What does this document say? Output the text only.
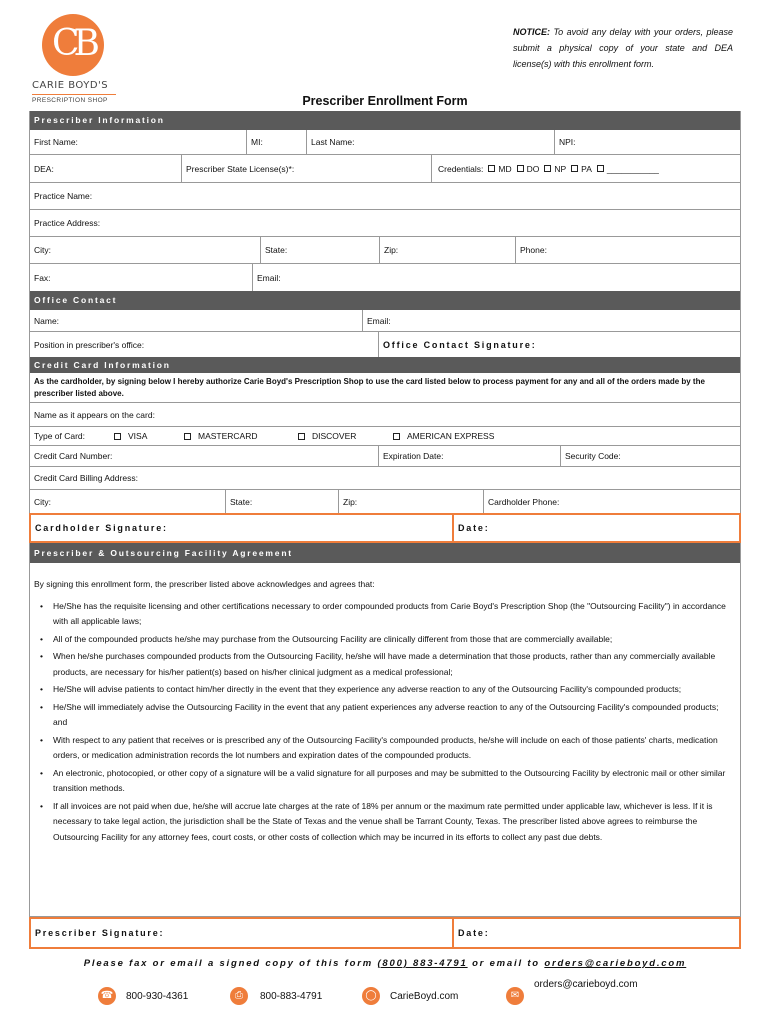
CB
CARIE BOYD'S
PRESCRIPTION SHOP
NOTICE: To avoid any delay with your orders, please submit a physical copy of your state and DEA license(s) with this enrollment form.
Prescriber Enrollment Form
Prescriber Information
First Name:	MI:	Last Name:	NPI:
DEA:	Prescriber State License(s)*:	Credentials: MD DO NP PA ___________
Practice Name:
Practice Address:
City:	State:	Zip:	Phone:
Fax:	Email:
Office Contact
Name:	Email:
Position in prescriber's office:	Office Contact Signature:
Credit Card Information
As the cardholder, by signing below I hereby authorize Carie Boyd's Prescription Shop to use the card listed below to process payment for any and all of the orders made by the prescriber listed above.
Name as it appears on the card:
Type of Card:	VISA	MASTERCARD	DISCOVER	AMERICAN EXPRESS
Credit Card Number:	Expiration Date:	Security Code:
Credit Card Billing Address:
City:	State:	Zip:	Cardholder Phone:
Cardholder Signature:	Date:
Prescriber & Outsourcing Facility Agreement
By signing this enrollment form, the prescriber listed above acknowledges and agrees that:
• He/She has the requisite licensing and other certifications necessary to order compounded products from Carie Boyd's Prescription Shop (the "Outsourcing Facility") in accordance with all applicable laws;
• All of the compounded products he/she may purchase from the Outsourcing Facility are clinically different from those that are commercially available;
• When he/she purchases compounded products from the Outsourcing Facility, he/she will have made a determination that those products, rather than any commercially available products, are necessary for his/her patient(s) based on his/her clinical judgment as a medical professional;
• He/She will advise patients to contact him/her directly in the event that they experience any adverse reaction to any of the Outsourcing Facility's compounded products;
• He/She will immediately advise the Outsourcing Facility in the event that any patient experiences any adverse reaction to any of the Outsourcing Facility's compounded products; and
• With respect to any patient that receives or is prescribed any of the Outsourcing Facility's compounded products, he/she will include on each of those patients' charts, medication orders, or medication administration records the lot numbers and expiration dates of the compounded products.
• An electronic, photocopied, or other copy of a signature will be a valid signature for all purposes and may be submitted to the Outsourcing Facility by electronic mail or other similar transition methods.
• If all invoices are not paid when due, he/she will accrue late charges at the rate of 18% per annum or the maximum rate permitted under applicable law, whichever is less. If it is necessary to take legal action, the jurisdiction shall be the State of Texas and the venue shall be Tarrant County, Texas. The prescriber listed above agrees to reimburse the Outsourcing Facility for any attorney fees, court costs, or other costs of collection which may be incurred in its efforts to collect any past due debts.
Prescriber Signature:	Date:
Please fax or email a signed copy of this form (800) 883-4791 or email to orders@carieboyd.com
☎ 800-930-4361	⎙	800-883-4791	◯	CarieBoyd.com	✉
orders@carieboyd.com
